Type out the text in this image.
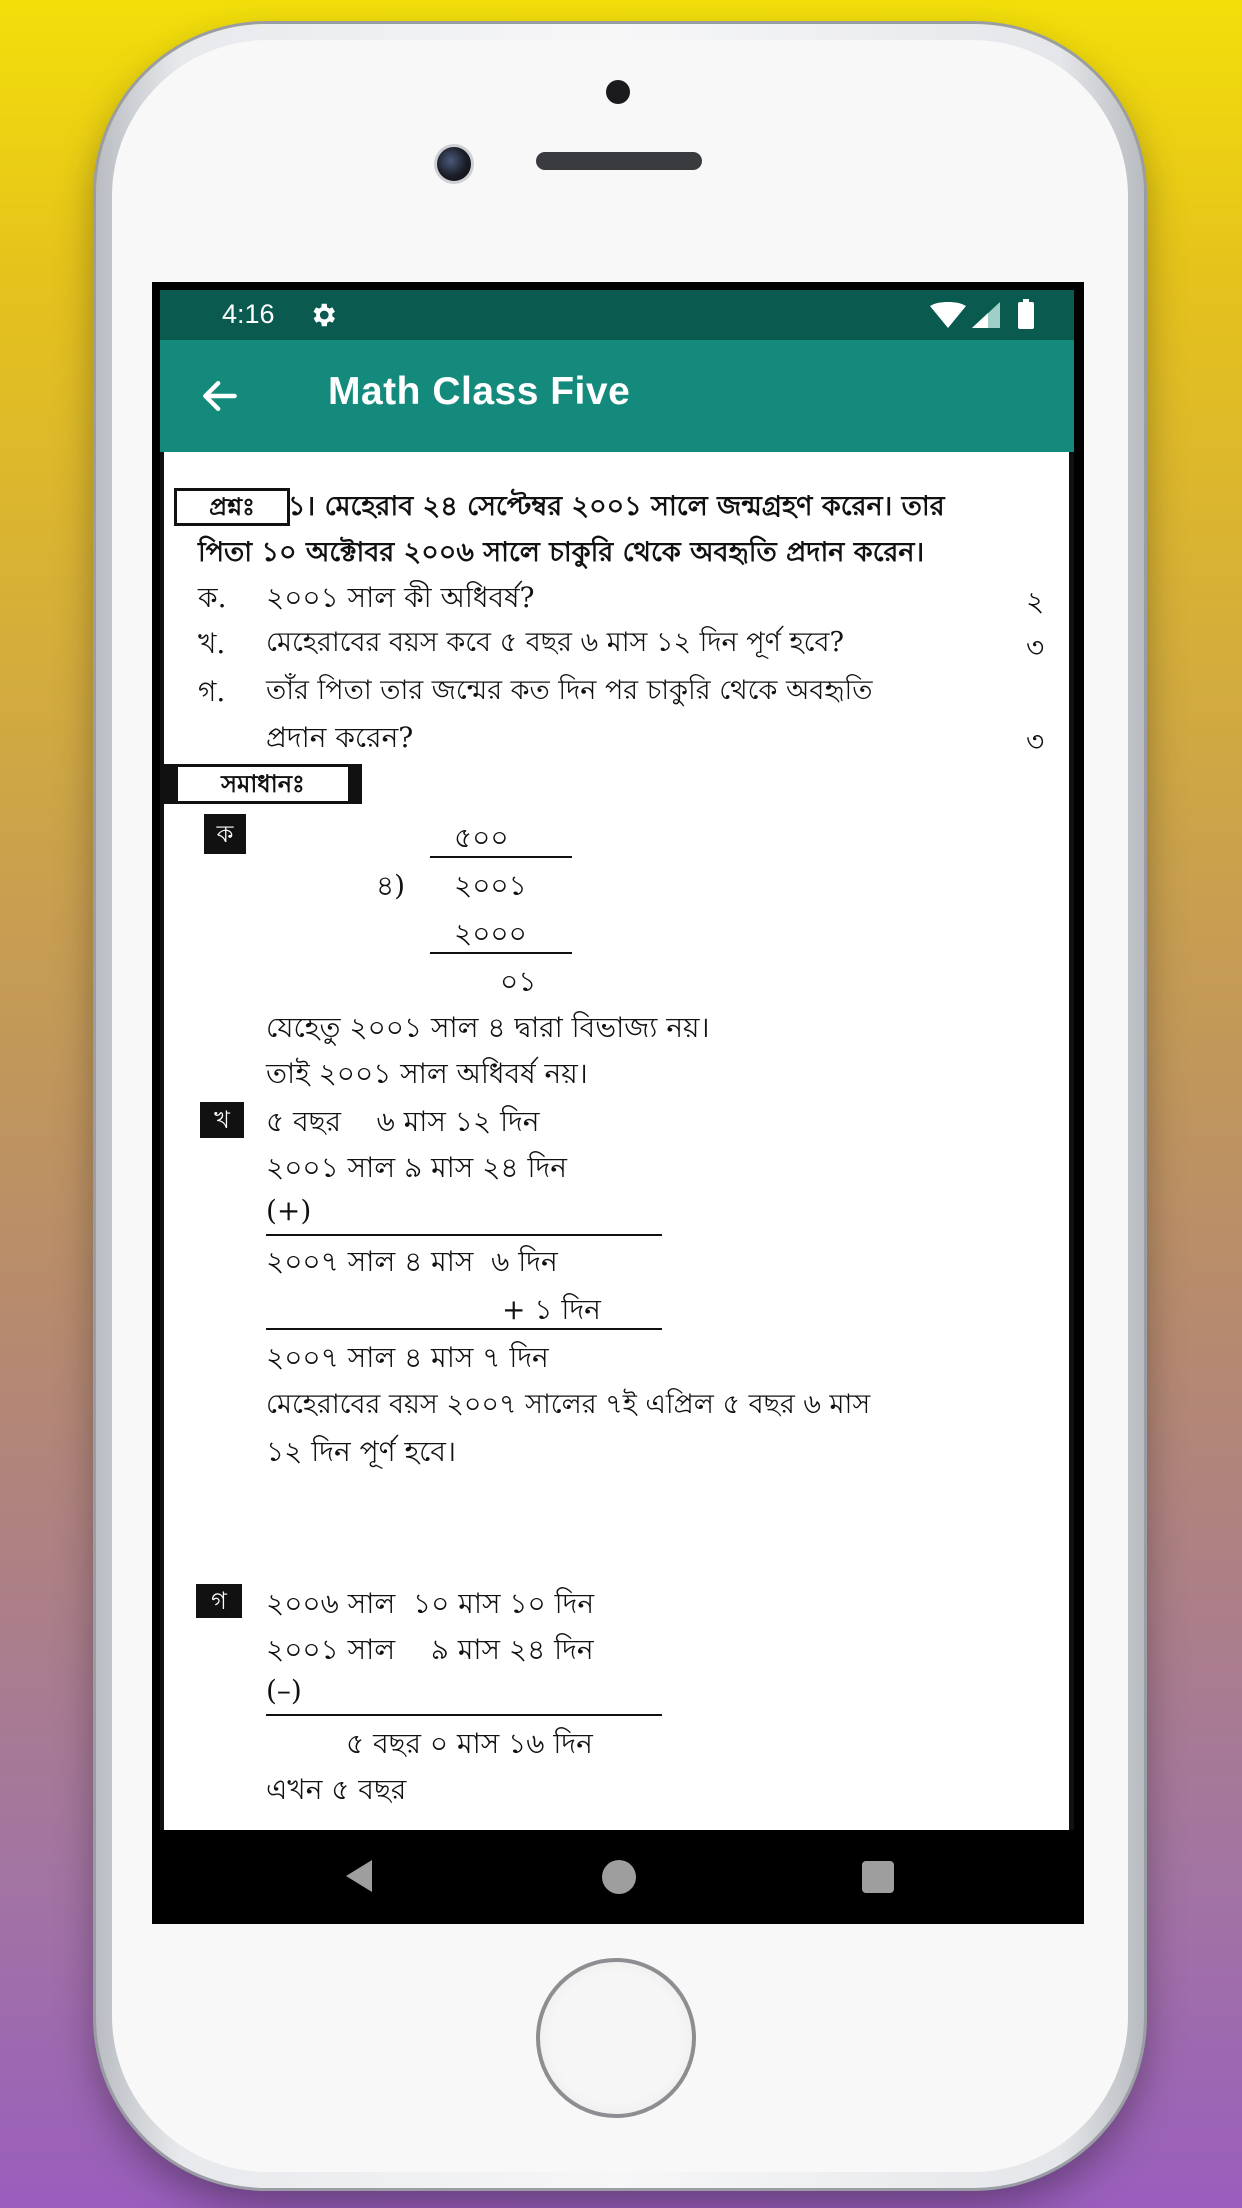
4:16
Math Class Five
প্রশ্নঃ	১। মেহেরাব ২৪ সেপ্টেম্বর ২০০১ সালে জন্মগ্রহণ করেন। তার
পিতা ১০ অক্টোবর ২০০৬ সালে চাকুরি থেকে অবহৃতি প্রদান করেন।
ক. ২০০১ সাল কী অধিবর্ষ?	২
খ. মেহেরাবের বয়স কবে ৫ বছর ৬ মাস ১২ দিন পূর্ণ হবে?	৩
গ. তাঁর পিতা তার জন্মের কত দিন পর চাকুরি থেকে অবহৃতি
প্রদান করেন?	৩
সমাধানঃ
ক	৫০০
৪) ২০০১
২০০০
০১
যেহেতু ২০০১ সাল ৪ দ্বারা বিভাজ্য নয়।
তাই ২০০১ সাল অধিবর্ষ নয়।
খ	৫ বছর    ৬ মাস ১২ দিন
২০০১ সাল ৯ মাস ২৪ দিন
(+)
২০০৭ সাল ৪ মাস  ৬ দিন
+ ১ দিন
২০০৭ সাল ৪ মাস ৭ দিন
মেহেরাবের বয়স ২০০৭ সালের ৭ই এপ্রিল ৫ বছর ৬ মাস
১২ দিন পূর্ণ হবে।
গ	২০০৬ সাল  ১০ মাস ১০ দিন
২০০১ সাল    ৯ মাস ২৪ দিন
(–)
৫ বছর ০ মাস ১৬ দিন
এখন ৫ বছর
